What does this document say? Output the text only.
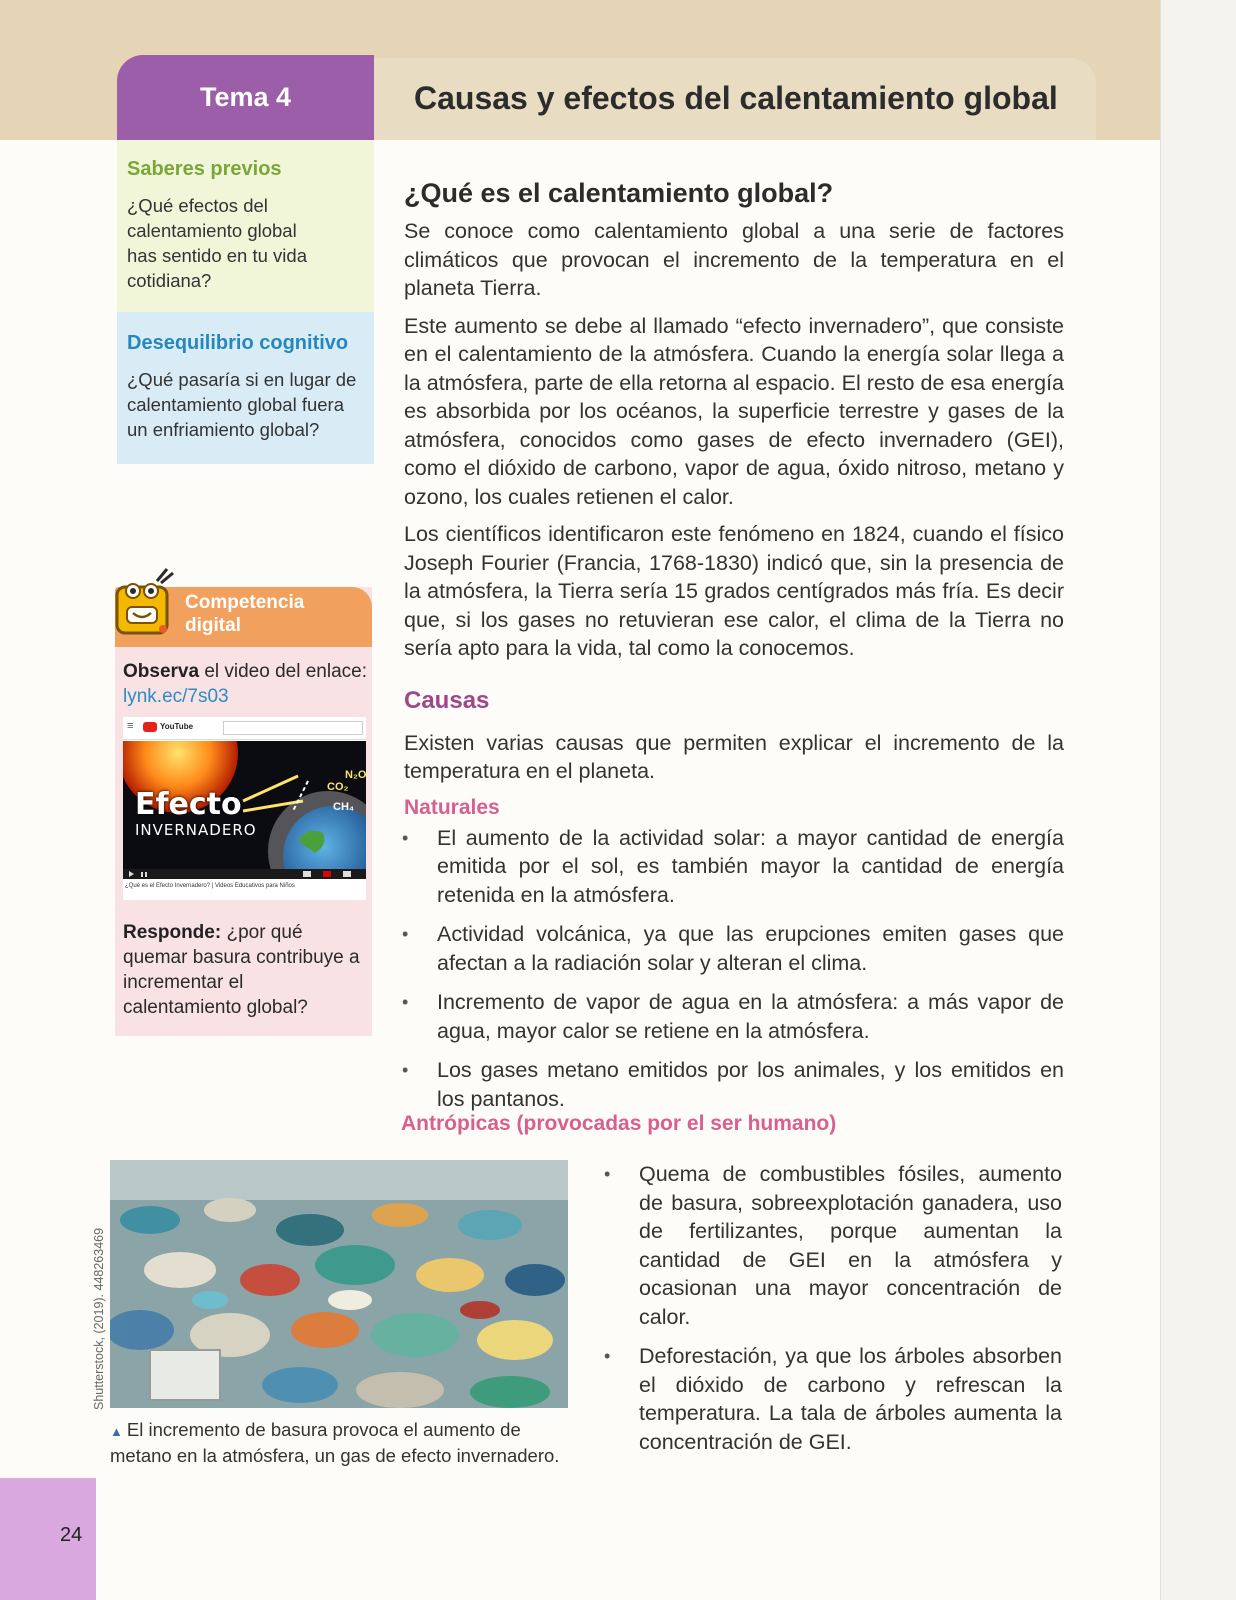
Tema 4	Causas y efectos del calentamiento global
Saberes previos

¿Qué efectos del calentamiento global has sentido en tu vida cotidiana?

Desequilibrio cognitivo

¿Qué pasaría si en lugar de calentamiento global fuera un enfriamiento global?

Competencia
digital
Observa el video del enlace:
lynk.ec/7s03
≡	YouTube
Efecto
INVERNADERO
CO₂
CH₄
N₂O
¿Qué es el Efecto Invernadero? | Videos Educativos para Niños
Responde: ¿por qué quemar basura contribuye a incrementar el calentamiento global?
¿Qué es el calentamiento global?

Se conoce como calentamiento global a una serie de factores climáticos que provocan el incremento de la temperatura en el planeta Tierra.

Este aumento se debe al llamado “efecto invernadero”, que consiste en el calentamiento de la atmósfera. Cuando la energía solar llega a la atmósfera, parte de ella retorna al espacio. El resto de esa energía es absorbida por los océanos, la superficie terrestre y gases de la atmósfera, conocidos como gases de efecto invernadero (GEI), como el dióxido de carbono, vapor de agua, óxido nitroso, metano y ozono, los cuales retienen el calor.

Los científicos identificaron este fenómeno en 1824, cuando el físico Joseph Fourier (Francia, 1768-1830) indicó que, sin la presencia de la atmósfera, la Tierra sería 15 grados centígrados más fría. Es decir que, si los gases no retuvieran ese calor, el clima de la Tierra no sería apto para la vida, tal como la conocemos.

Causas

Existen varias causas que permiten explicar el incremento de la temperatura en el planeta.

Naturales
• El aumento de la actividad solar: a mayor cantidad de energía emitida por el sol, es también mayor la cantidad de energía retenida en la atmósfera.
• Actividad volcánica, ya que las erupciones emiten gases que afectan a la radiación solar y alteran el clima.
• Incremento de vapor de agua en la atmósfera: a más vapor de agua, mayor calor se retiene en la atmósfera.
• Los gases metano emitidos por los animales, y los emitidos en los pantanos.
Antrópicas (provocadas por el ser humano)
▲ El incremento de basura provoca el aumento de metano en la atmósfera, un gas de efecto invernadero.
• Quema de combustibles fósiles, aumento de basura, sobreexplotación ganadera, uso de fertilizantes, porque aumentan la cantidad de GEI en la atmósfera y ocasionan una mayor concentración de calor.
• Deforestación, ya que los árboles absorben el dióxido de carbono y refrescan la temperatura. La tala de árboles aumenta la concentración de GEI.
Shutterstock, (2019). 448263469
24
